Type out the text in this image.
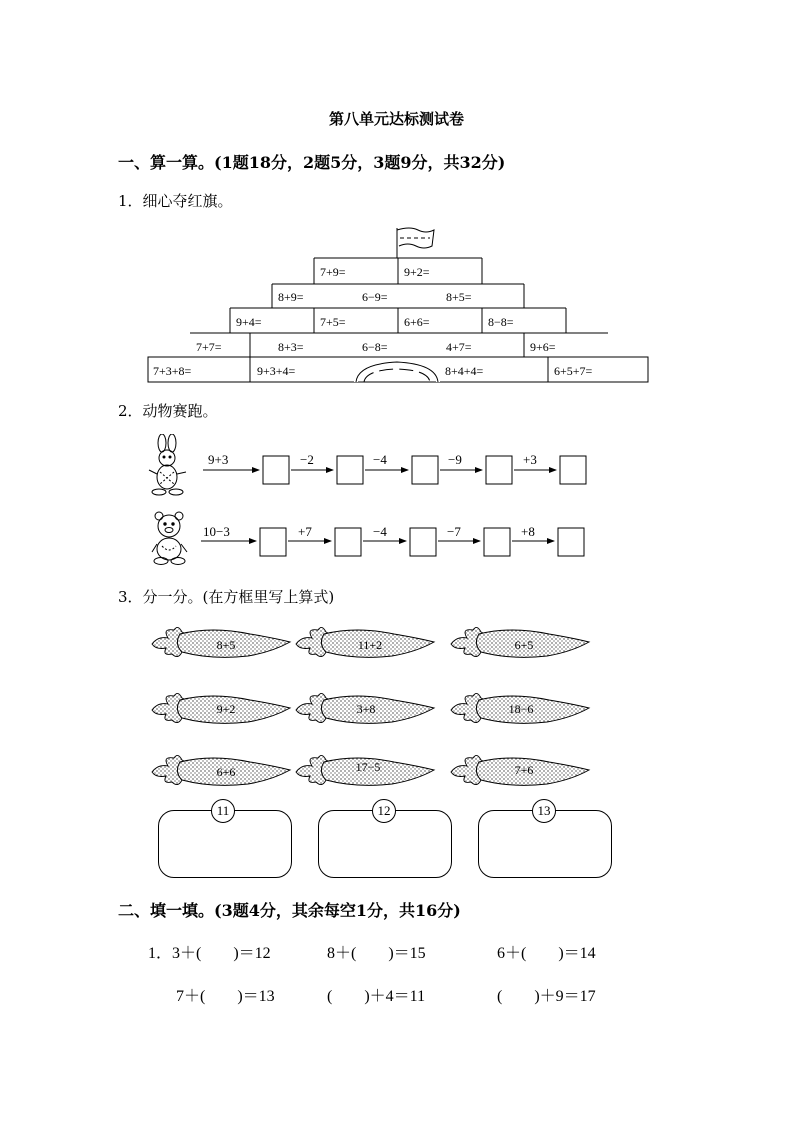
第八单元达标测试卷
一、算一算。(1题18分，2题5分，3题9分，共32分)
1．细心夺红旗。
7+9=	9+2=
8+9=	6−9=	8+5=
9+4=	7+5=	6+6=	8−8=
7+7=	8+3=	6−8=	4+7=	9+6=
7+3+8=	9+3+4=	8+4+4=	6+5+7=
2．动物赛跑。
9+3	−2	−4	−9	+3
10−3	+7	−4	−7	+8
3．分一分。(在方框里写上算式)
8+5	11+2	6+5
9+2	3+8	18−6
6+6	17−5	7+6
11	12	13
二、填一填。(3题4分，其余每空1分，共16分)
1．3＋(　　)＝12	8＋(　　)＝15	6＋(　　)＝14
7＋(　　)＝13	(　　)＋4＝11	(　　)＋9＝17
